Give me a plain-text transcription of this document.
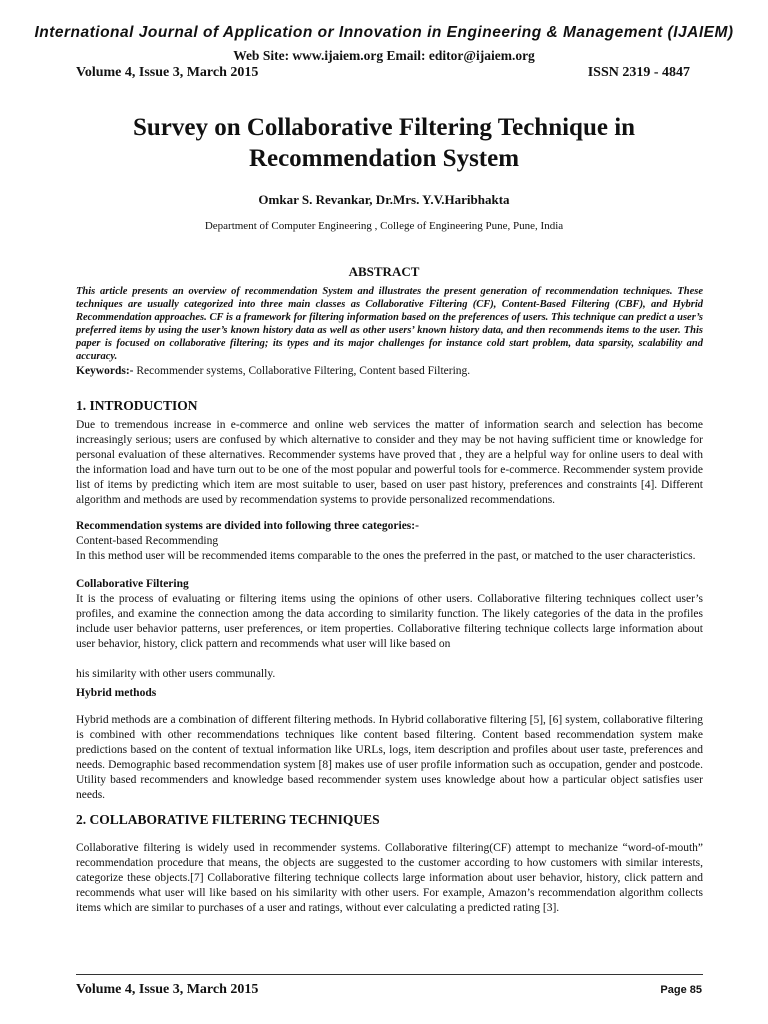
International Journal of Application or Innovation in Engineering & Management (IJAIEM)
Web Site: www.ijaiem.org Email: editor@ijaiem.org
Volume 4, Issue 3, March 2015	ISSN 2319 - 4847
Survey on Collaborative Filtering Technique in Recommendation System
Omkar S. Revankar, Dr.Mrs. Y.V.Haribhakta
Department of Computer Engineering , College of Engineering Pune, Pune, India
ABSTRACT
This article presents an overview of recommendation System and illustrates the present generation of recommendation techniques. These techniques are usually categorized into three main classes as Collaborative Filtering (CF), Content-Based Filtering (CBF), and Hybrid Recommendation approaches. CF is a framework for filtering information based on the preferences of users. This technique can predict a user’s preferred items by using the user’s known history data as well as other users’ known history data, and then recommends items to the user. This paper is focused on collaborative filtering; its types and its major challenges for instance cold start problem, data sparsity, scalability and accuracy.
Keywords:- Recommender systems, Collaborative Filtering, Content based Filtering.
1. INTRODUCTION
Due to tremendous increase in e-commerce and online web services the matter of information search and selection has become increasingly serious; users are confused by which alternative to consider and they may be not having sufficient time or knowledge for personal evaluation of these alternatives. Recommender systems have proved that , they are a helpful way for online users to deal with the information load and have turn out to be one of the most popular and powerful tools for e-commerce. Recommender system provide list of items by predicting which item are most suitable to user, based on user past history, preferences and constraints [4]. Different algorithm and methods are used by recommendation systems to provide personalized recommendations.
Recommendation systems are divided into following three categories:-
Content-based Recommending
In this method user will be recommended items comparable to the ones the preferred in the past, or matched to the user characteristics.
Collaborative Filtering
It is the process of evaluating or filtering items using the opinions of other users. Collaborative filtering techniques collect user’s profiles, and examine the connection among the data according to similarity function. The likely categories of the data in the profiles include user behavior patterns, user preferences, or item properties. Collaborative filtering technique collects large information about user behavior, history, click pattern and recommends what user will like based on
his similarity with other users communally.
Hybrid methods
Hybrid methods are a combination of different filtering methods. In Hybrid collaborative filtering [5], [6] system, collaborative filtering is combined with other recommendations techniques like content based filtering. Content based recommendation system make predictions based on the content of textual information like URLs, logs, item description and profiles about user taste, preferences and needs. Demographic based recommendation system [8] makes use of user profile information such as occupation, gender and postcode. Utility based recommenders and knowledge based recommender system uses knowledge about how a particular object satisfies user needs.
2. COLLABORATIVE FILTERING TECHNIQUES
Collaborative filtering is widely used in recommender systems. Collaborative filtering(CF) attempt to mechanize “word-of-mouth” recommendation procedure that means, the objects are suggested to the customer according to how customers with similar interests, categorize these objects.[7] Collaborative filtering technique collects large information about user behavior, history, click pattern and recommends what user will like based on his similarity with other users. For example, Amazon’s recommendation algorithm collects items which are similar to purchases of a user and ratings, without ever calculating a predicted rating [3].
Volume 4, Issue 3, March 2015	Page 85
